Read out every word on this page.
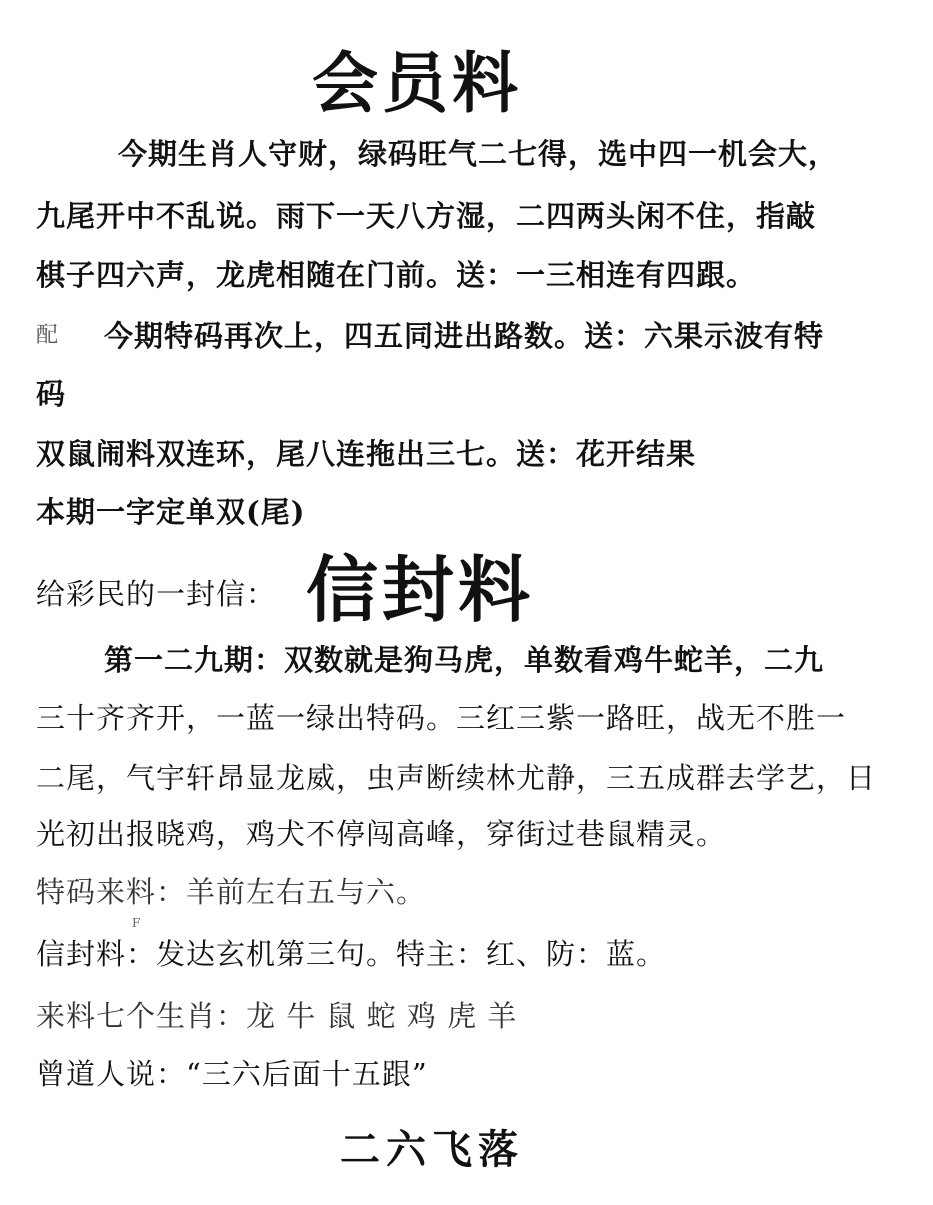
会员料
今期生肖人守财，绿码旺气二七得，选中四一机会大，
九尾开中不乱说。雨下一天八方湿，二四两头闲不住，指敲
棋子四六声，龙虎相随在门前。送：一三相连有四跟。
配 今期特码再次上，四五同进出路数。送：六果示波有特
码
双鼠闹料双连环，尾八连拖出三七。送：花开结果
本期一字定单双(尾)
给彩民的一封信： 信封料
第一二九期：双数就是狗马虎，单数看鸡牛蛇羊，二九
三十齐齐开，一蓝一绿出特码。三红三紫一路旺，战无不胜一
二尾，气宇轩昂显龙威，虫声断续林尤静，三五成群去学艺，日
光初出报晓鸡，鸡犬不停闯高峰，穿街过巷鼠精灵。
特码来料：羊前左右五与六。
F
信封料：发达玄机第三句。特主：红、防：蓝。
来料七个生肖：龙 牛 鼠 蛇 鸡 虎 羊
曾道人说：“三六后面十五跟”
二六飞落
